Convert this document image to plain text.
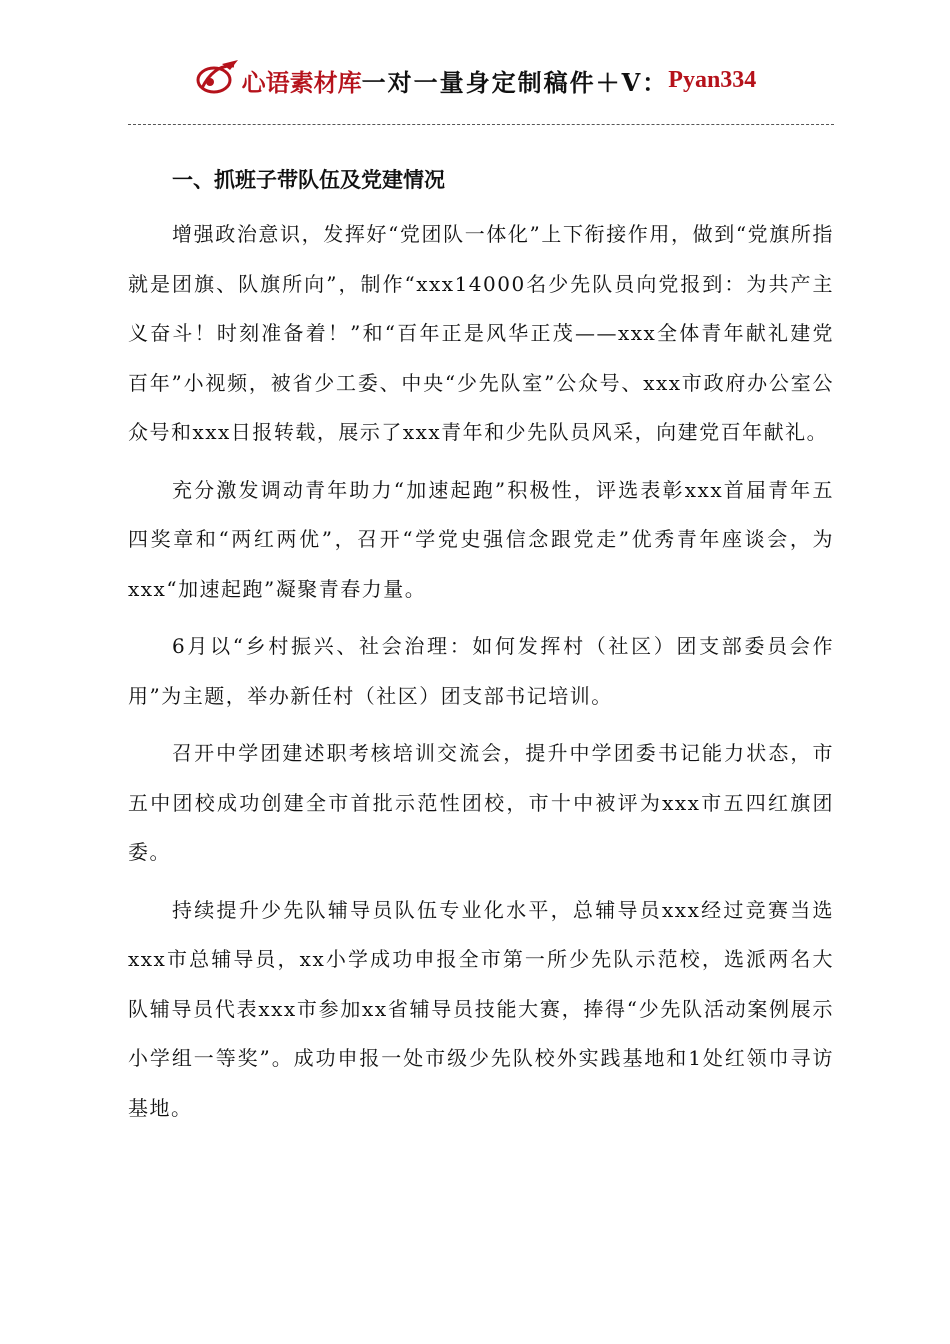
心语素材库 一对一量身定制稿件＋V： Pyan334
一、抓班子带队伍及党建情况

增强政治意识，发挥好“党团队一体化”上下衔接作用，做到“党旗所指就是团旗、队旗所向”，制作“xxx14000名少先队员向党报到：为共产主义奋斗！时刻准备着！”和“百年正是风华正茂——xxx全体青年献礼建党百年”小视频，被省少工委、中央“少先队室”公众号、xxx市政府办公室公众号和xxx日报转载，展示了xxx青年和少先队员风采，向建党百年献礼。

充分激发调动青年助力“加速起跑”积极性，评选表彰xxx首届青年五四奖章和“两红两优”，召开“学党史强信念跟党走”优秀青年座谈会，为xxx“加速起跑”凝聚青春力量。

6月以“乡村振兴、社会治理：如何发挥村（社区）团支部委员会作用”为主题，举办新任村（社区）团支部书记培训。

召开中学团建述职考核培训交流会，提升中学团委书记能力状态，市五中团校成功创建全市首批示范性团校，市十中被评为xxx市五四红旗团委。

持续提升少先队辅导员队伍专业化水平，总辅导员xxx经过竞赛当选xxx市总辅导员，xx小学成功申报全市第一所少先队示范校，选派两名大队辅导员代表xxx市参加xx省辅导员技能大赛，捧得“少先队活动案例展示小学组一等奖”。成功申报一处市级少先队校外实践基地和1处红领巾寻访基地。
